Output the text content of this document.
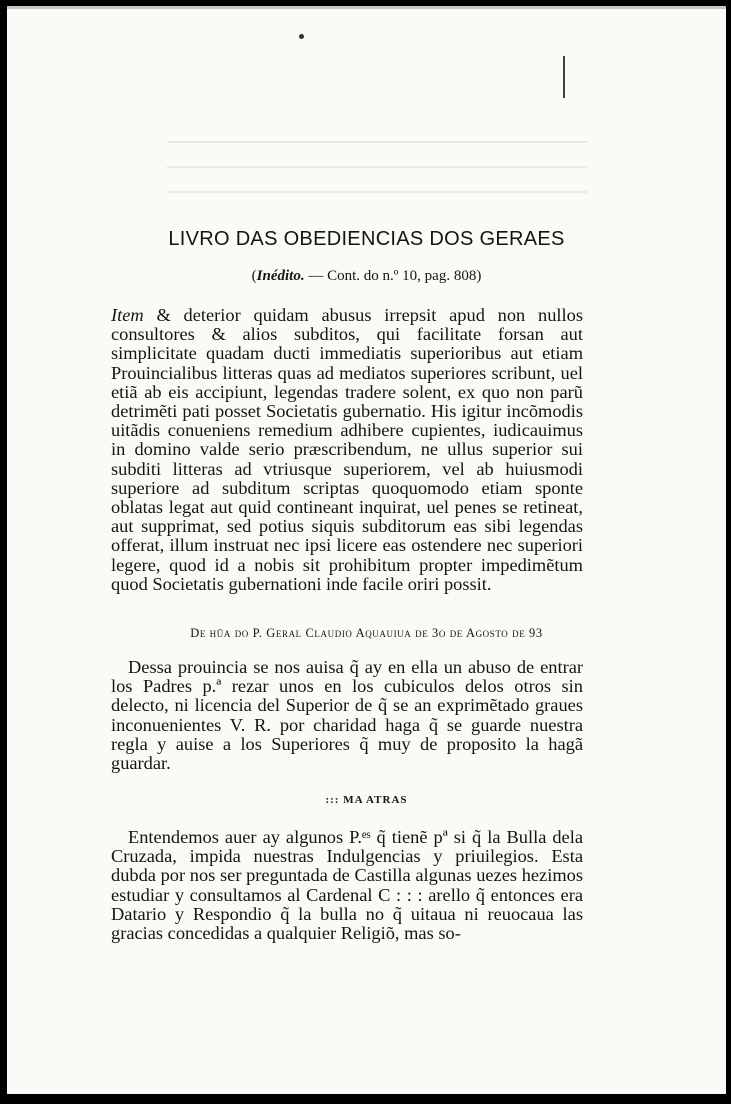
LIVRO DAS OBEDIENCIAS DOS GERAES

(Inédito. — Cont. do n.º 10, pag. 808)

Item & deterior quidam abusus irrepsit apud non nullos consultores & alios subditos, qui facilitate forsan aut simplicitate quadam ducti immediatis superioribus aut etiam Prouincialibus litteras quas ad mediatos superiores scribunt, uel etiã ab eis accipiunt, legendas tradere solent, ex quo non parũ detrimẽti pati posset Societatis gubernatio. His igitur incõmodis uitãdis conueniens remedium adhibere cupientes, iudicauimus in domino valde serio præscribendum, ne ullus superior sui subditi litteras ad vtriusque superiorem, vel ab huiusmodi superiore ad subditum scriptas quoquomodo etiam sponte oblatas legat aut quid contineant inquirat, uel penes se retineat, aut supprimat, sed potius siquis subditorum eas sibi legendas offerat, illum instruat nec ipsi licere eas ostendere nec superiori legere, quod id a nobis sit prohibitum propter impedimẽtum quod Societatis gubernationi inde facile oriri possit.

De hũa do P. Geral Claudio Aquauiua de 3o de Agosto de 93

Dessa prouincia se nos auisa q̃ ay en ella un abuso de entrar los Padres p.ª rezar unos en los cubiculos delos otros sin delecto, ni licencia del Superior de q̃ se an exprimẽtado graues inconuenientes V. R. por charidad haga q̃ se guarde nuestra regla y auise a los Superiores q̃ muy de proposito la hagã guardar.

::: MA ATRAS

Entendemos auer ay algunos P.ᵉˢ q̃ tienẽ pª si q̃ la Bulla dela Cruzada, impida nuestras Indulgencias y priuilegios. Esta dubda por nos ser preguntada de Castilla algunas uezes hezimos estudiar y consultamos al Cardenal C : : : arello q̃ entonces era Datario y Respondio q̃ la bulla no q̃ uitaua ni reuocaua las gracias concedidas a qualquier Religiõ, mas so-
